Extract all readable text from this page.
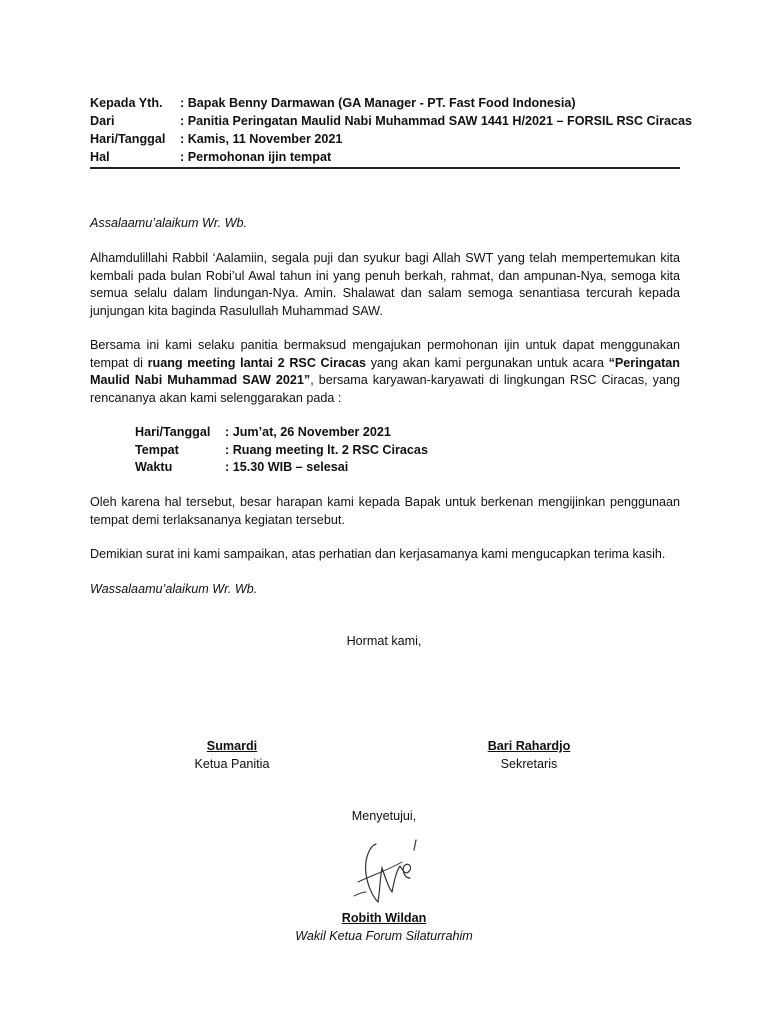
Kepada Yth.	: Bapak Benny Darmawan (GA Manager - PT. Fast Food Indonesia)
Dari	: Panitia Peringatan Maulid Nabi Muhammad SAW 1441 H/2021 – FORSIL RSC Ciracas
Hari/Tanggal	: Kamis, 11 November 2021
Hal	: Permohonan ijin tempat
Assalaamu’alaikum Wr. Wb.
Alhamdulillahi Rabbil ‘Aalamiin, segala puji dan syukur bagi Allah SWT yang telah mempertemukan kita kembali pada bulan Robi’ul Awal tahun ini yang penuh berkah, rahmat, dan ampunan-Nya, semoga kita semua selalu dalam lindungan-Nya. Amin. Shalawat dan salam semoga senantiasa tercurah kepada junjungan kita baginda Rasulullah Muhammad SAW.
Bersama ini kami selaku panitia bermaksud mengajukan permohonan ijin untuk dapat menggunakan tempat di ruang meeting lantai 2 RSC Ciracas yang akan kami pergunakan untuk acara “Peringatan Maulid Nabi Muhammad SAW 2021”, bersama karyawan-karyawati di lingkungan RSC Ciracas, yang rencananya akan kami selenggarakan pada :
Hari/Tanggal	: Jum’at, 26 November 2021
Tempat	: Ruang meeting lt. 2 RSC Ciracas
Waktu	: 15.30 WIB – selesai
Oleh karena hal tersebut, besar harapan kami kepada Bapak untuk berkenan mengijinkan penggunaan tempat demi terlaksananya kegiatan tersebut.
Demikian surat ini kami sampaikan, atas perhatian dan kerjasamanya kami mengucapkan terima kasih.
Wassalaamu’alaikum Wr. Wb.
Hormat kami,
Sumardi
Ketua Panitia
Bari Rahardjo
Sekretaris
Menyetujui,
Robith Wildan
Wakil Ketua Forum Silaturrahim
